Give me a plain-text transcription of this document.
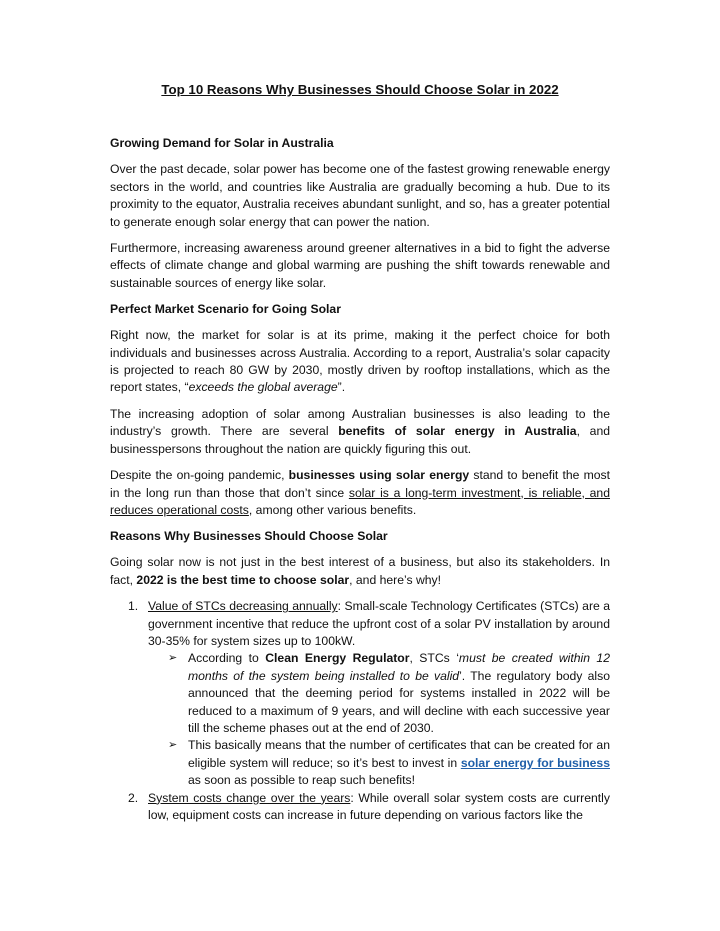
Top 10 Reasons Why Businesses Should Choose Solar in 2022
Growing Demand for Solar in Australia

Over the past decade, solar power has become one of the fastest growing renewable energy sectors in the world, and countries like Australia are gradually becoming a hub. Due to its proximity to the equator, Australia receives abundant sunlight, and so, has a greater potential to generate enough solar energy that can power the nation.

Furthermore, increasing awareness around greener alternatives in a bid to fight the adverse effects of climate change and global warming are pushing the shift towards renewable and sustainable sources of energy like solar.

Perfect Market Scenario for Going Solar

Right now, the market for solar is at its prime, making it the perfect choice for both individuals and businesses across Australia. According to a report, Australia’s solar capacity is projected to reach 80 GW by 2030, mostly driven by rooftop installations, which as the report states, “exceeds the global average”.

The increasing adoption of solar among Australian businesses is also leading to the industry’s growth. There are several benefits of solar energy in Australia, and businesspersons throughout the nation are quickly figuring this out.

Despite the on-going pandemic, businesses using solar energy stand to benefit the most in the long run than those that don’t since solar is a long-term investment, is reliable, and reduces operational costs, among other various benefits.

Reasons Why Businesses Should Choose Solar

Going solar now is not just in the best interest of a business, but also its stakeholders. In fact, 2022 is the best time to choose solar, and here’s why!

1. Value of STCs decreasing annually: Small-scale Technology Certificates (STCs) are a government incentive that reduce the upfront cost of a solar PV installation by around 30-35% for system sizes up to 100kW.
➢ According to Clean Energy Regulator, STCs ‘must be created within 12 months of the system being installed to be valid’. The regulatory body also announced that the deeming period for systems installed in 2022 will be reduced to a maximum of 9 years, and will decline with each successive year till the scheme phases out at the end of 2030.
➢ This basically means that the number of certificates that can be created for an eligible system will reduce; so it’s best to invest in solar energy for business as soon as possible to reap such benefits!
2. System costs change over the years: While overall solar system costs are currently low, equipment costs can increase in future depending on various factors like the
